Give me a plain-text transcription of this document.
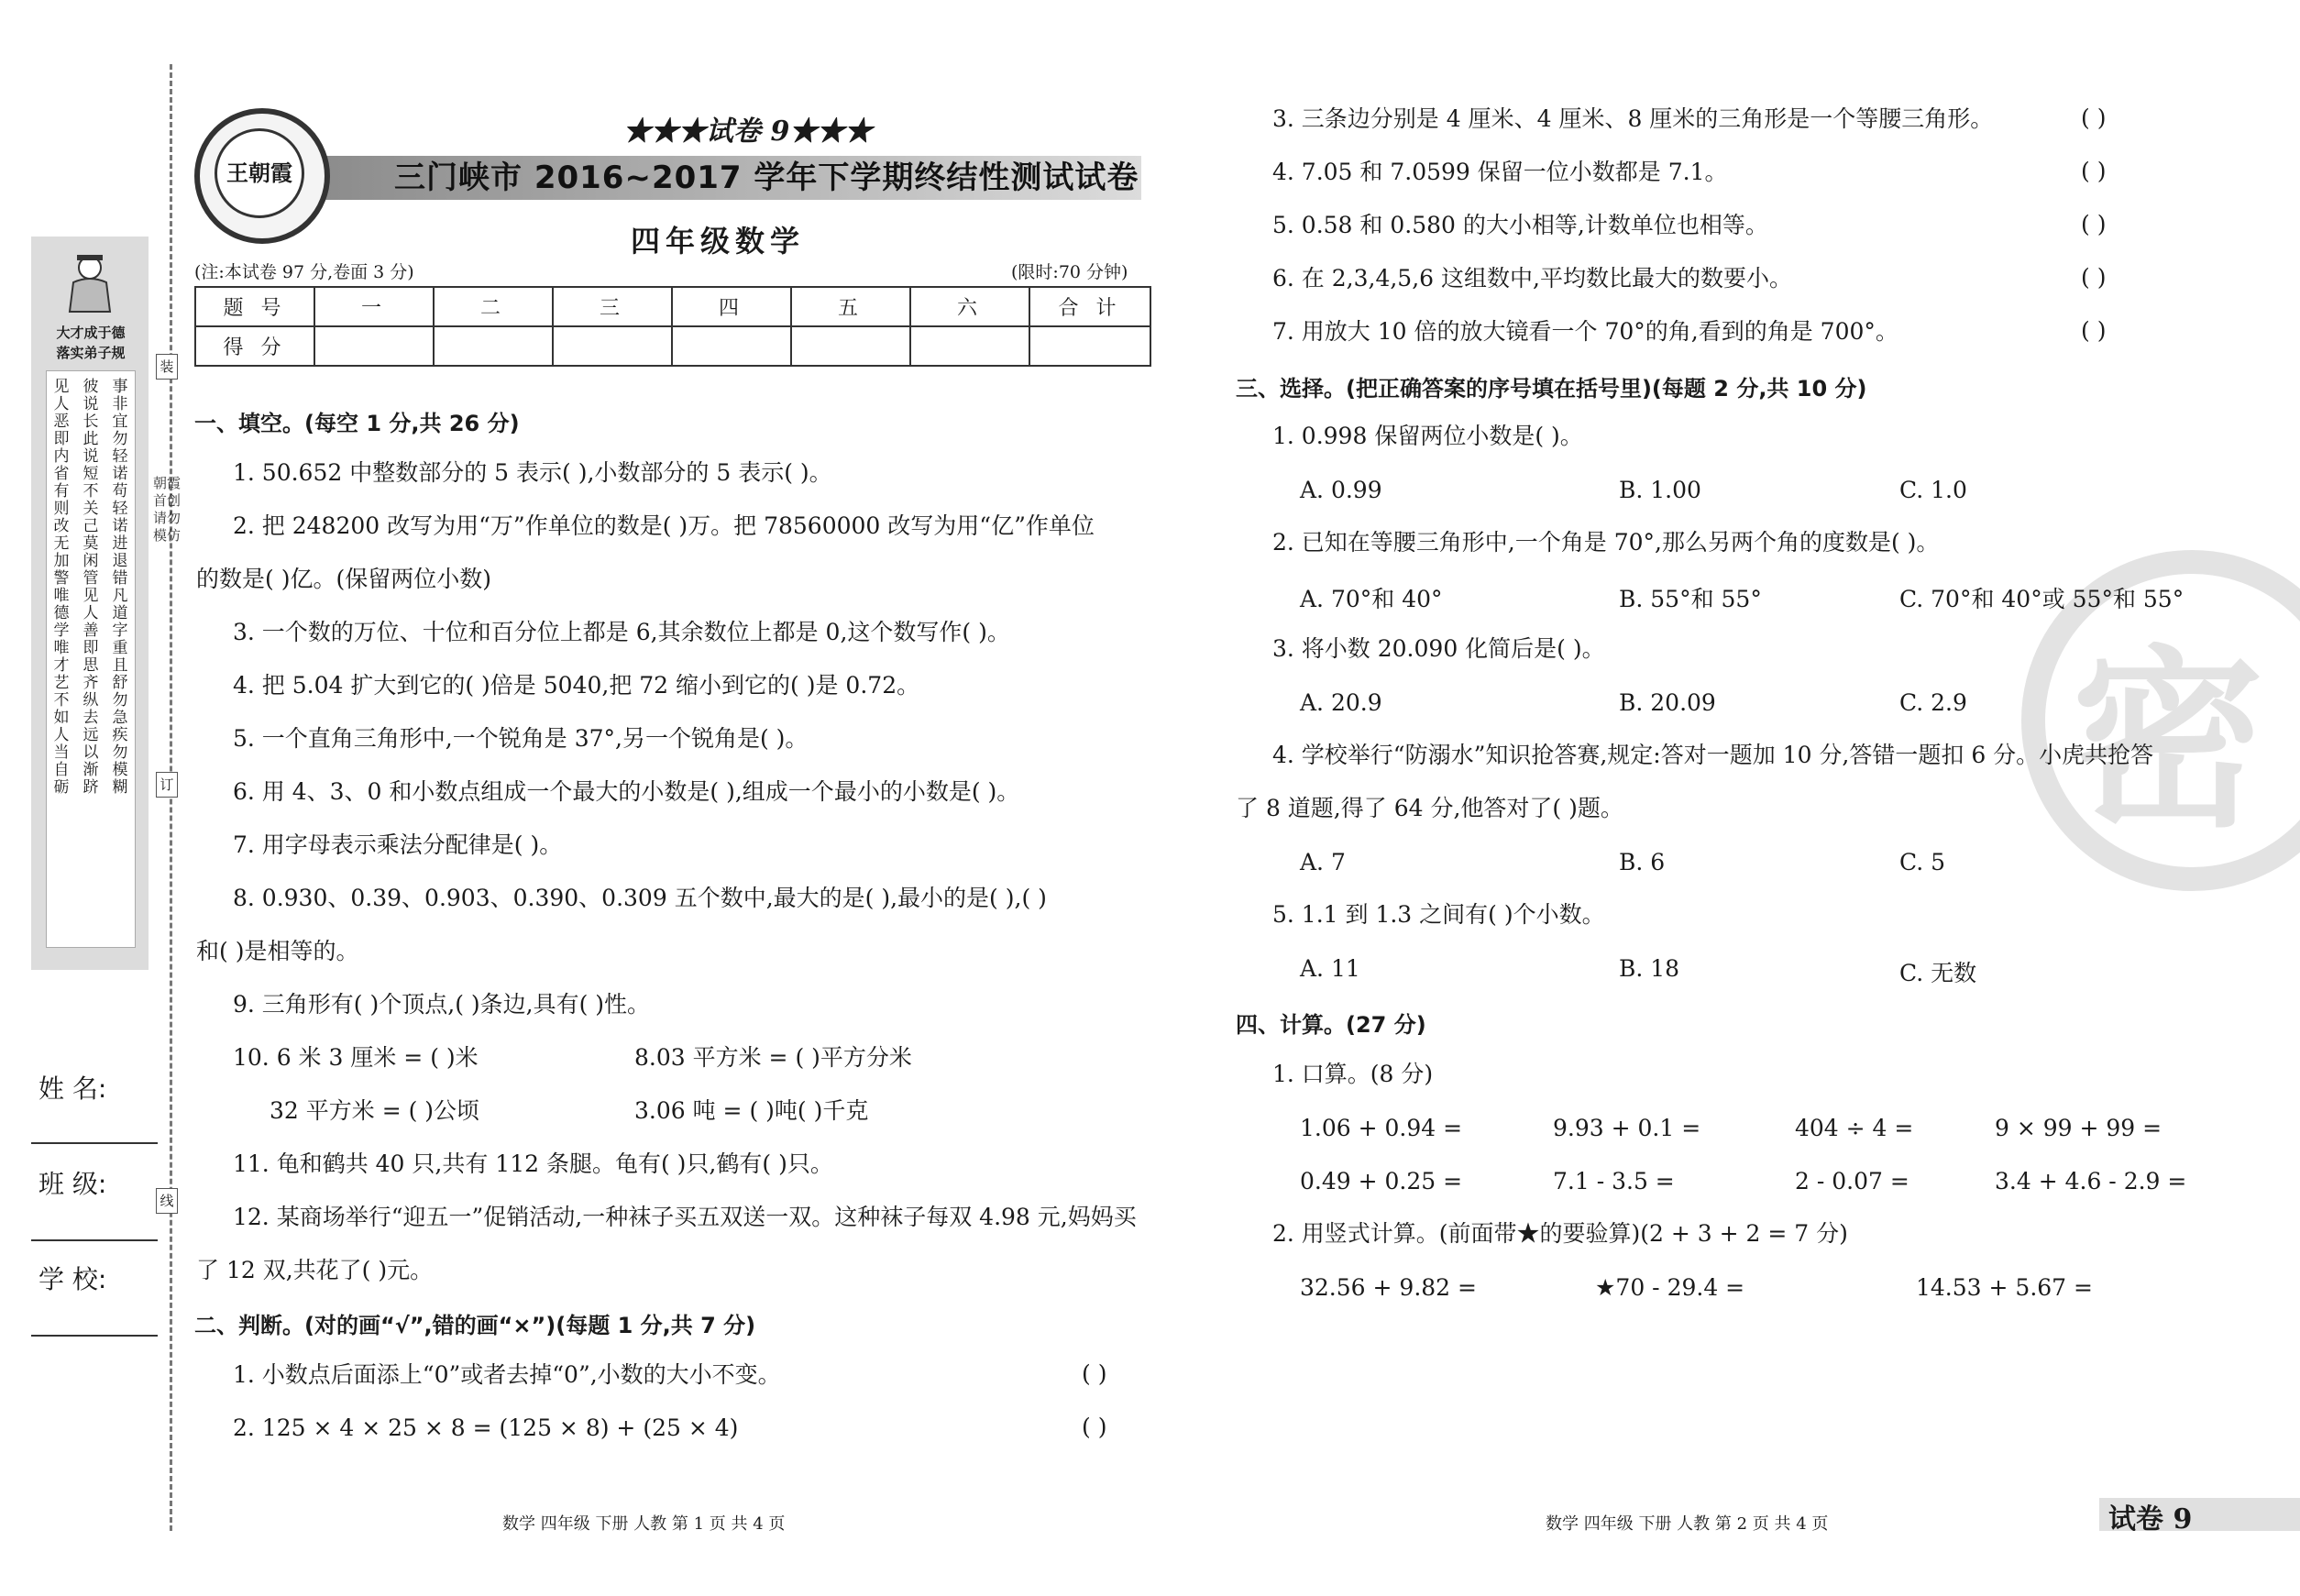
大才成于德
落实弟子规
见人恶即内省有则改无加警唯德学唯才艺不如人当自砺
彼说长此说短不关己莫闲管见人善即思齐纵去远以渐跻
事非宜勿轻诺苟轻诺进退错凡道字重且舒勿急疾勿模糊
姓 名:
班 级:
学 校:
装
朝霞首创 请勿模仿
订
线
王朝霞
★★★试卷 9★★★
三门峡市 2016~2017 学年下学期终结性测试试卷
四年级数学
(注:本试卷 97 分,卷面 3 分)	(限时:70 分钟)
题 号	一	二	三	四	五	六	合 计
得 分							
一、填空。(每空 1 分,共 26 分)
1. 50.652 中整数部分的 5 表示( ),小数部分的 5 表示( )。
2. 把 248200 改写为用“万”作单位的数是( )万。把 78560000 改写为用“亿”作单位
的数是( )亿。(保留两位小数)
3. 一个数的万位、十位和百分位上都是 6,其余数位上都是 0,这个数写作( )。
4. 把 5.04 扩大到它的( )倍是 5040,把 72 缩小到它的( )是 0.72。
5. 一个直角三角形中,一个锐角是 37°,另一个锐角是( )。
6. 用 4、3、0 和小数点组成一个最大的小数是( ),组成一个最小的小数是( )。
7. 用字母表示乘法分配律是( )。
8. 0.930、0.39、0.903、0.390、0.309 五个数中,最大的是( ),最小的是( ),( )
和( )是相等的。
9. 三角形有( )个顶点,( )条边,具有( )性。
10. 6 米 3 厘米 = ( )米	8.03 平方米 = ( )平方分米
32 平方米 = ( )公顷	3.06 吨 = ( )吨( )千克
11. 龟和鹤共 40 只,共有 112 条腿。龟有( )只,鹤有( )只。
12. 某商场举行“迎五一”促销活动,一种袜子买五双送一双。这种袜子每双 4.98 元,妈妈买
了 12 双,共花了( )元。
二、判断。(对的画“√”,错的画“×”)(每题 1 分,共 7 分)
1. 小数点后面添上“0”或者去掉“0”,小数的大小不变。	( )
2. 125 × 4 × 25 × 8 = (125 × 8) + (25 × 4)	( )
密
3. 三条边分别是 4 厘米、4 厘米、8 厘米的三角形是一个等腰三角形。	( )
4. 7.05 和 7.0599 保留一位小数都是 7.1。	( )
5. 0.58 和 0.580 的大小相等,计数单位也相等。	( )
6. 在 2,3,4,5,6 这组数中,平均数比最大的数要小。	( )
7. 用放大 10 倍的放大镜看一个 70°的角,看到的角是 700°。	( )
三、选择。(把正确答案的序号填在括号里)(每题 2 分,共 10 分)
1. 0.998 保留两位小数是( )。
A. 0.99	B. 1.00	C. 1.0
2. 已知在等腰三角形中,一个角是 70°,那么另两个角的度数是( )。
A. 70°和 40°	B. 55°和 55°	C. 70°和 40°或 55°和 55°
3. 将小数 20.090 化简后是( )。
A. 20.9	B. 20.09	C. 2.9
4. 学校举行“防溺水”知识抢答赛,规定:答对一题加 10 分,答错一题扣 6 分。小虎共抢答
了 8 道题,得了 64 分,他答对了( )题。
A. 7	B. 6	C. 5
5. 1.1 到 1.3 之间有( )个小数。
A. 11	B. 18	C. 无数
四、计算。(27 分)
1. 口算。(8 分)
1.06 + 0.94 =	9.93 + 0.1 =	404 ÷ 4 =	9 × 99 + 99 =
0.49 + 0.25 =	7.1 - 3.5 =	2 - 0.07 =	3.4 + 4.6 - 2.9 =
2. 用竖式计算。(前面带★的要验算)(2 + 3 + 2 = 7 分)
32.56 + 9.82 =	★70 - 29.4 =	14.53 + 5.67 =
数学 四年级 下册 人教 第 1 页 共 4 页	数学 四年级 下册 人教 第 2 页 共 4 页	试卷 9
